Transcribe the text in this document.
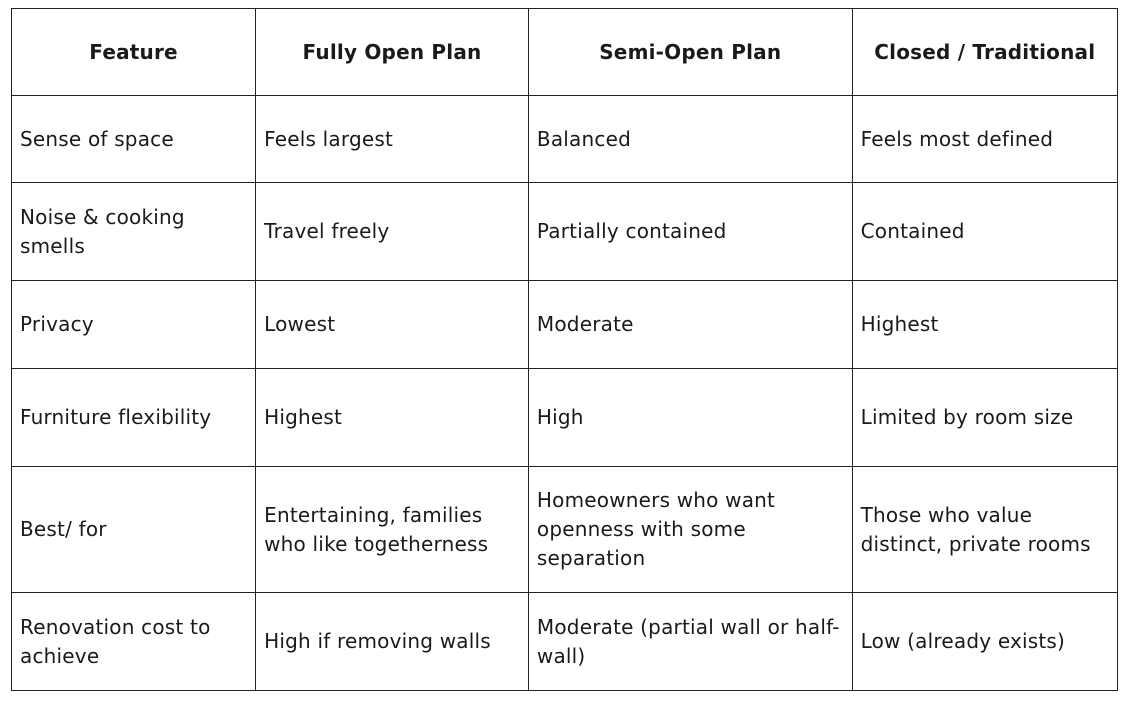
Feature	Fully Open Plan	Semi-Open Plan	Closed / Traditional
Sense of space	Feels largest	Balanced	Feels most defined
Noise & cooking smells	Travel freely	Partially contained	Contained
Privacy	Lowest	Moderate	Highest
Furniture flexibility	Highest	High	Limited by room size
Best/ for	Entertaining, families who like togetherness	Homeowners who want openness with some separation	Those who value distinct, private rooms
Renovation cost to achieve	High if removing walls	Moderate (partial wall or half-wall)	Low (already exists)
